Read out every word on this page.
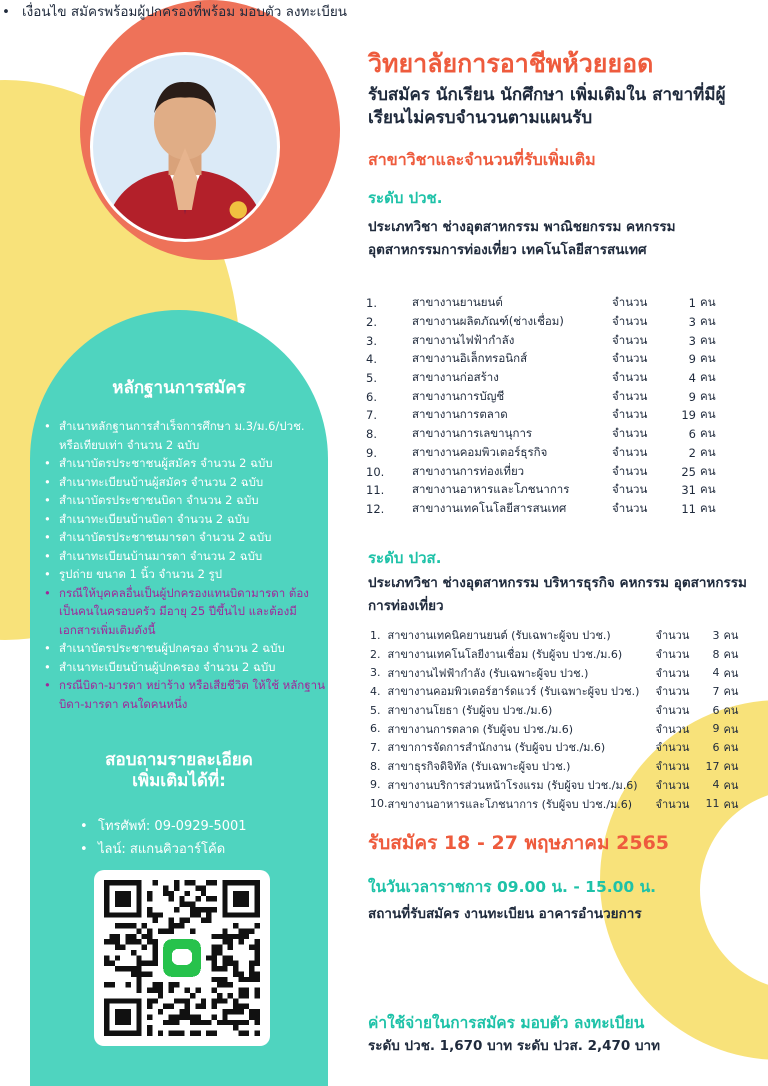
วิทยาลัยการอาชีพห้วยยอด
รับสมัคร นักเรียน นักศึกษา เพิ่มเติมใน สาขาที่มีผู้เรียนไม่ครบจำนวนตามแผนรับ
สาขาวิชาและจำนวนที่รับเพิ่มเติม
ระดับ ปวช.
ประเภทวิชา ช่างอุตสาหกรรม พาณิชยกรรม คหกรรม อุตสาหกรรมการท่องเที่ยว เทคโนโลยีสารสนเทศ
1.	สาขางานยานยนต์	จำนวน	1	คน
2.	สาขางานผลิตภัณฑ์(ช่างเชื่อม)	จำนวน	3	คน
3.	สาขางานไฟฟ้ากำลัง	จำนวน	3	คน
4.	สาขางานอิเล็กทรอนิกส์	จำนวน	9	คน
5.	สาขางานก่อสร้าง	จำนวน	4	คน
6.	สาขางานการบัญชี	จำนวน	9	คน
7.	สาขางานการตลาด	จำนวน	19	คน
8.	สาขางานการเลขานุการ	จำนวน	6	คน
9.	สาขางานคอมพิวเตอร์ธุรกิจ	จำนวน	2	คน
10.	สาขางานการท่องเที่ยว	จำนวน	25	คน
11.	สาขางานอาหารและโภชนาการ	จำนวน	31	คน
12.	สาขางานเทคโนโลยีสารสนเทศ	จำนวน	11	คน
ระดับ ปวส.
ประเภทวิชา ช่างอุตสาหกรรม บริหารธุรกิจ คหกรรม อุตสาหกรรมการท่องเที่ยว
1.	สาขางานเทคนิคยานยนต์ (รับเฉพาะผู้จบ ปวช.)	จำนวน	3	คน
2.	สาขางานเทคโนโลยีงานเชื่อม (รับผู้จบ ปวช./ม.6)	จำนวน	8	คน
3.	สาขางานไฟฟ้ากำลัง (รับเฉพาะผู้จบ ปวช.)	จำนวน	4	คน
4.	สาขางานคอมพิวเตอร์ฮาร์ดแวร์ (รับเฉพาะผู้จบ ปวช.)	จำนวน	7	คน
5.	สาขางานโยธา (รับผู้จบ ปวช./ม.6)	จำนวน	6	คน
6.	สาขางานการตลาด (รับผู้จบ ปวช./ม.6)	จำนวน	9	คน
7.	สาขาการจัดการสำนักงาน (รับผู้จบ ปวช./ม.6)	จำนวน	6	คน
8.	สาขาธุรกิจดิจิทัล (รับเฉพาะผู้จบ ปวช.)	จำนวน	17	คน
9.	สาขางานบริการส่วนหน้าโรงแรม (รับผู้จบ ปวช./ม.6)	จำนวน	4	คน
10.	สาขางานอาหารและโภชนาการ (รับผู้จบ ปวช./ม.6)	จำนวน	11	คน
รับสมัคร 18 - 27 พฤษภาคม 2565
ในวันเวลาราชการ 09.00 น. - 15.00 น.
สถานที่รับสมัคร งานทะเบียน อาคารอำนวยการ
• เงื่อนไข สมัครพร้อมผู้ปกครองที่พร้อม มอบตัว ลงทะเบียน
ค่าใช้จ่ายในการสมัคร มอบตัว ลงทะเบียน
ระดับ ปวช. 1,670 บาท ระดับ ปวส. 2,470 บาท
หลักฐานการสมัคร
• สำเนาหลักฐานการสำเร็จการศึกษา ม.3/ม.6/ปวช. หรือเทียบเท่า จำนวน 2 ฉบับ
• สำเนาบัตรประชาชนผู้สมัคร จำนวน 2 ฉบับ
• สำเนาทะเบียนบ้านผู้สมัคร จำนวน 2 ฉบับ
• สำเนาบัตรประชาชนบิดา จำนวน 2 ฉบับ
• สำเนาทะเบียนบ้านบิดา จำนวน 2 ฉบับ
• สำเนาบัตรประชาชนมารดา จำนวน 2 ฉบับ
• สำเนาทะเบียนบ้านมารดา จำนวน 2 ฉบับ
• รูปถ่าย ขนาด 1 นิ้ว จำนวน 2 รูป
• กรณีให้บุคคลอื่นเป็นผู้ปกครองแทนบิดามารดา ต้องเป็นคนในครอบครัว มีอายุ 25 ปีขึ้นไป และต้องมีเอกสารเพิ่มเติมดังนี้
• สำเนาบัตรประชาชนผู้ปกครอง จำนวน 2 ฉบับ
• สำเนาทะเบียนบ้านผู้ปกครอง จำนวน 2 ฉบับ
• กรณีบิดา-มารดา หย่าร้าง หรือเสียชีวิต ให้ใช้ หลักฐาน บิดา-มารดา คนใดคนหนึ่ง
สอบถามรายละเอียด
เพิ่มเติมได้ที่:
• โทรศัพท์: 09-0929-5001
• ไลน์: สแกนคิวอาร์โค้ด
